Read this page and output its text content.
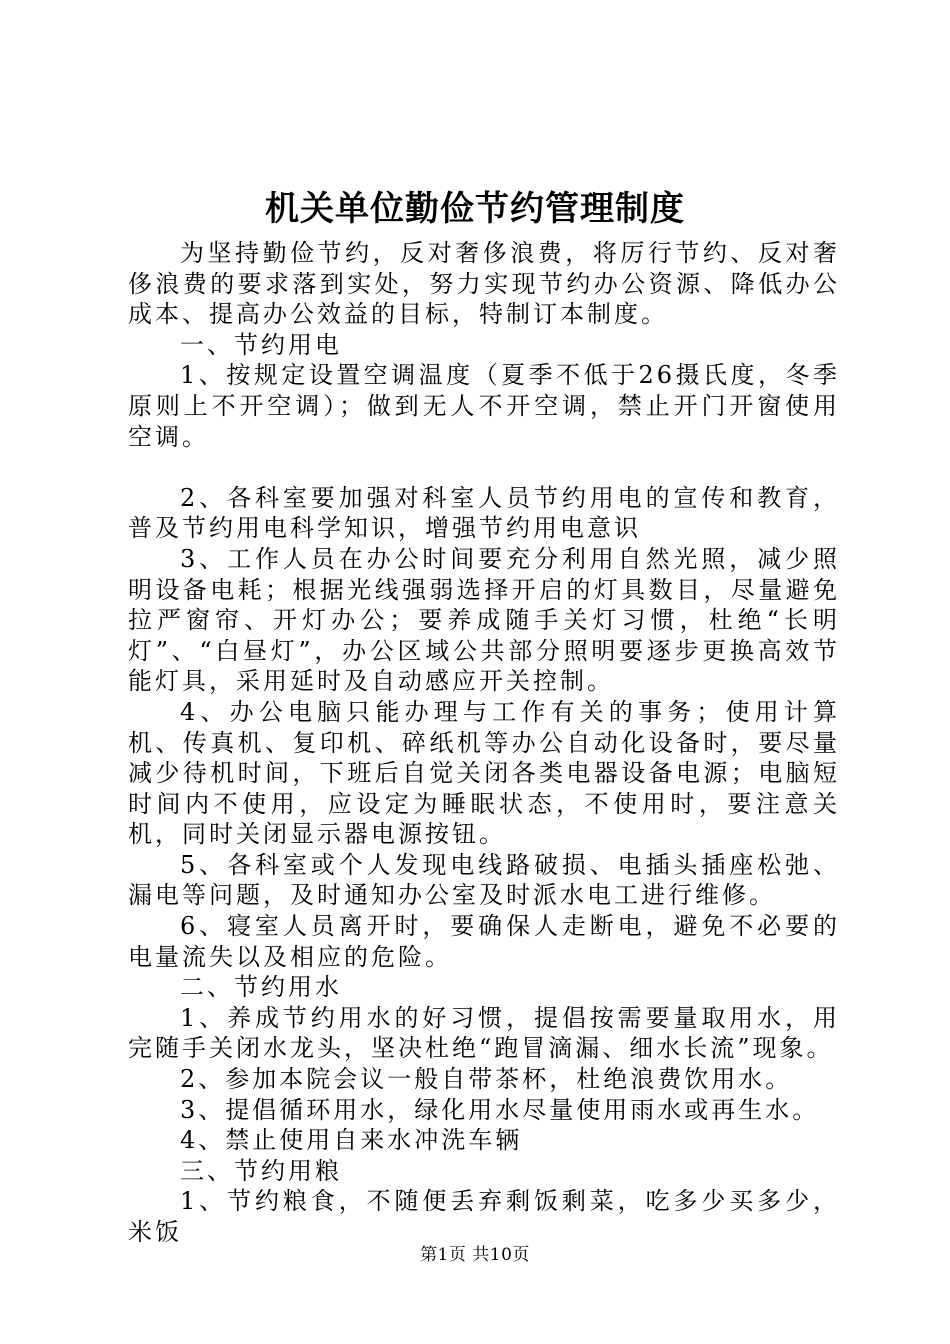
机关单位勤俭节约管理制度

为坚持勤俭节约，反对奢侈浪费，将厉行节约、反对奢侈浪费的要求落到实处，努力实现节约办公资源、降低办公成本、提高办公效益的目标，特制订本制度。

一、节约用电

1、按规定设置空调温度（夏季不低于26摄氏度，冬季原则上不开空调）；做到无人不开空调，禁止开门开窗使用空调。

2、各科室要加强对科室人员节约用电的宣传和教育，普及节约用电科学知识，增强节约用电意识

3、工作人员在办公时间要充分利用自然光照，减少照明设备电耗；根据光线强弱选择开启的灯具数目，尽量避免拉严窗帘、开灯办公；要养成随手关灯习惯，杜绝“长明灯”、“白昼灯”，办公区域公共部分照明要逐步更换高效节能灯具，采用延时及自动感应开关控制。

4、办公电脑只能办理与工作有关的事务；使用计算机、传真机、复印机、碎纸机等办公自动化设备时，要尽量减少待机时间，下班后自觉关闭各类电器设备电源；电脑短时间内不使用，应设定为睡眠状态，不使用时，要注意关机，同时关闭显示器电源按钮。

5、各科室或个人发现电线路破损、电插头插座松弛、漏电等问题，及时通知办公室及时派水电工进行维修。

6、寝室人员离开时，要确保人走断电，避免不必要的电量流失以及相应的危险。

二、节约用水

1、养成节约用水的好习惯，提倡按需要量取用水，用完随手关闭水龙头，坚决杜绝“跑冒滴漏、细水长流”现象。

2、参加本院会议一般自带茶杯，杜绝浪费饮用水。

3、提倡循环用水，绿化用水尽量使用雨水或再生水。

4、禁止使用自来水冲洗车辆

三、节约用粮

1、节约粮食，不随便丢弃剩饭剩菜，吃多少买多少，米饭

第1页 共10页
